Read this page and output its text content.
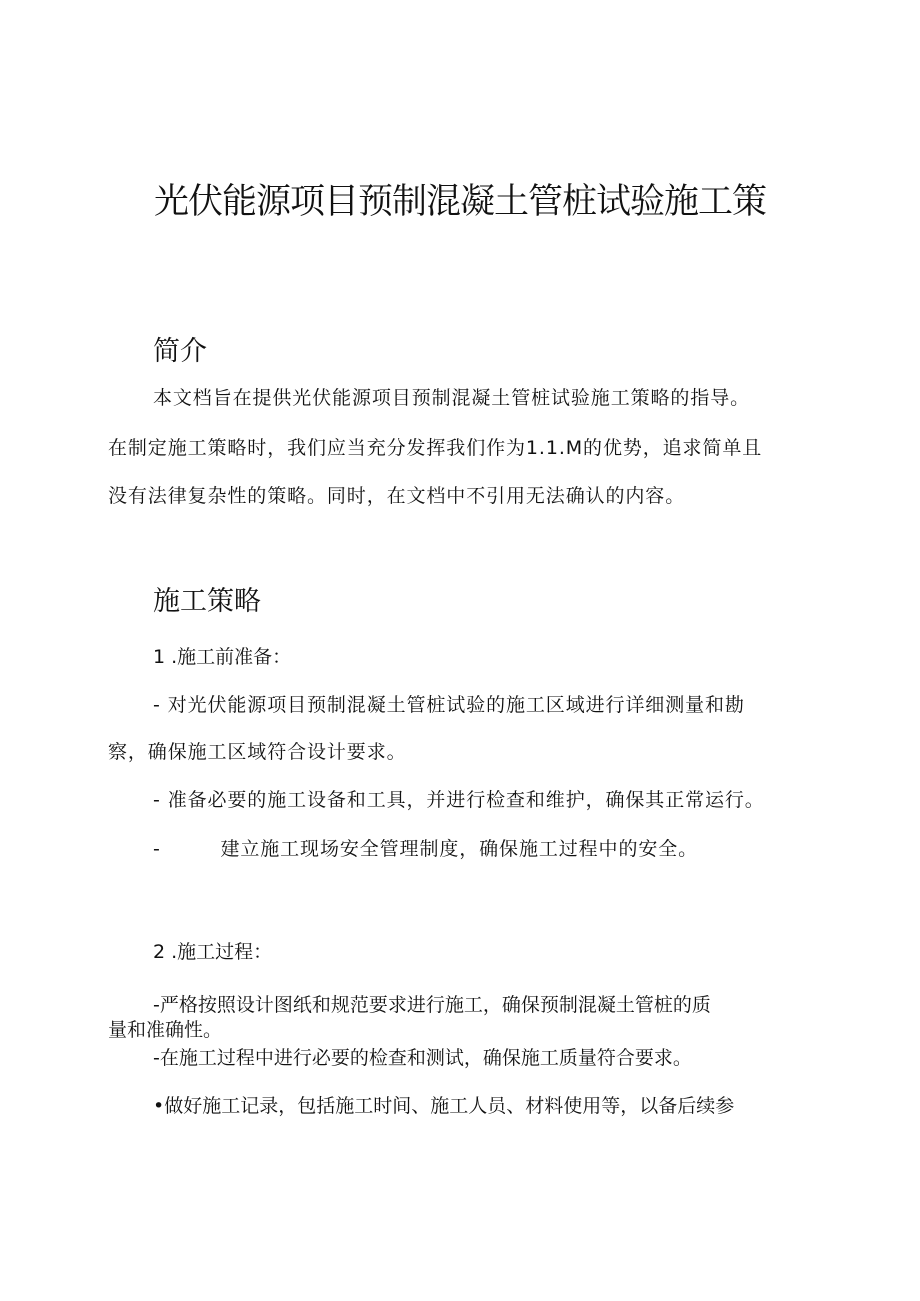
光伏能源项目预制混凝土管桩试验施工策
简介

本文档旨在提供光伏能源项目预制混凝土管桩试验施工策略的指导。

在制定施工策略时，我们应当充分发挥我们作为1.1.M的优势，追求简单且

没有法律复杂性的策略。同时，在文档中不引用无法确认的内容。

施工策略

1 .施工前准备：

- 对光伏能源项目预制混凝土管桩试验的施工区域进行详细测量和勘

察，确保施工区域符合设计要求。

- 准备必要的施工设备和工具，并进行检查和维护，确保其正常运行。

-　　　建立施工现场安全管理制度，确保施工过程中的安全。

2 .施工过程：

-严格按照设计图纸和规范要求进行施工，确保预制混凝土管桩的质

量和准确性。

-在施工过程中进行必要的检查和测试，确保施工质量符合要求。

•做好施工记录，包括施工时间、施工人员、材料使用等，以备后续参
